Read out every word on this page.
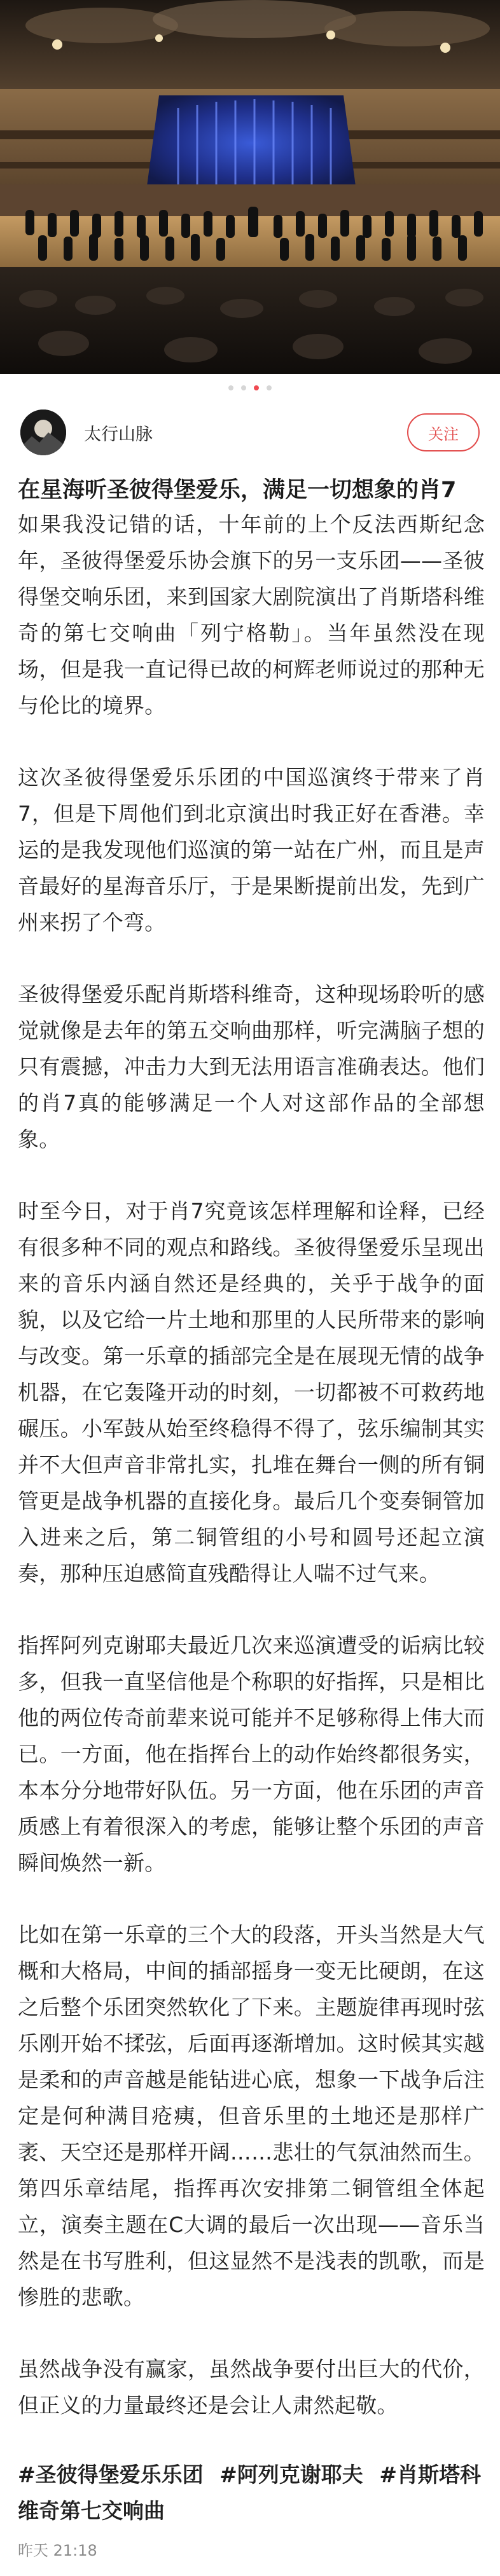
太行山脉	关注
在星海听圣彼得堡爱乐，满足一切想象的肖7

如果我没记错的话，十年前的上个反法西斯纪念年，圣彼得堡爱乐协会旗下的另一支乐团——圣彼得堡交响乐团，来到国家大剧院演出了肖斯塔科维奇的第七交响曲「列宁格勒」。当年虽然没在现场，但是我一直记得已故的柯辉老师说过的那种无与伦比的境界。

这次圣彼得堡爱乐乐团的中国巡演终于带来了肖7，但是下周他们到北京演出时我正好在香港。幸运的是我发现他们巡演的第一站在广州，而且是声音最好的星海音乐厅，于是果断提前出发，先到广州来拐了个弯。

圣彼得堡爱乐配肖斯塔科维奇，这种现场聆听的感觉就像是去年的第五交响曲那样，听完满脑子想的只有震撼，冲击力大到无法用语言准确表达。他们的肖7真的能够满足一个人对这部作品的全部想象。

时至今日，对于肖7究竟该怎样理解和诠释，已经有很多种不同的观点和路线。圣彼得堡爱乐呈现出来的音乐内涵自然还是经典的，关乎于战争的面貌，以及它给一片土地和那里的人民所带来的影响与改变。第一乐章的插部完全是在展现无情的战争机器，在它轰隆开动的时刻，一切都被不可救药地碾压。小军鼓从始至终稳得不得了，弦乐编制其实并不大但声音非常扎实，扎堆在舞台一侧的所有铜管更是战争机器的直接化身。最后几个变奏铜管加入进来之后，第二铜管组的小号和圆号还起立演奏，那种压迫感简直残酷得让人喘不过气来。

指挥阿列克谢耶夫最近几次来巡演遭受的诟病比较多，但我一直坚信他是个称职的好指挥，只是相比他的两位传奇前辈来说可能并不足够称得上伟大而已。一方面，他在指挥台上的动作始终都很务实，本本分分地带好队伍。另一方面，他在乐团的声音质感上有着很深入的考虑，能够让整个乐团的声音瞬间焕然一新。

比如在第一乐章的三个大的段落，开头当然是大气概和大格局，中间的插部摇身一变无比硬朗，在这之后整个乐团突然软化了下来。主题旋律再现时弦乐刚开始不揉弦，后面再逐渐增加。这时候其实越是柔和的声音越是能钻进心底，想象一下战争后注定是何种满目疮痍，但音乐里的土地还是那样广袤、天空还是那样开阔……悲壮的气氛油然而生。第四乐章结尾，指挥再次安排第二铜管组全体起立，演奏主题在C大调的最后一次出现——音乐当然是在书写胜利，但这显然不是浅表的凯歌，而是惨胜的悲歌。

虽然战争没有赢家，虽然战争要付出巨大的代价，但正义的力量最终还是会让人肃然起敬。

#圣彼得堡爱乐乐团 #阿列克谢耶夫 #肖斯塔科维奇第七交响曲
昨天 21:18
